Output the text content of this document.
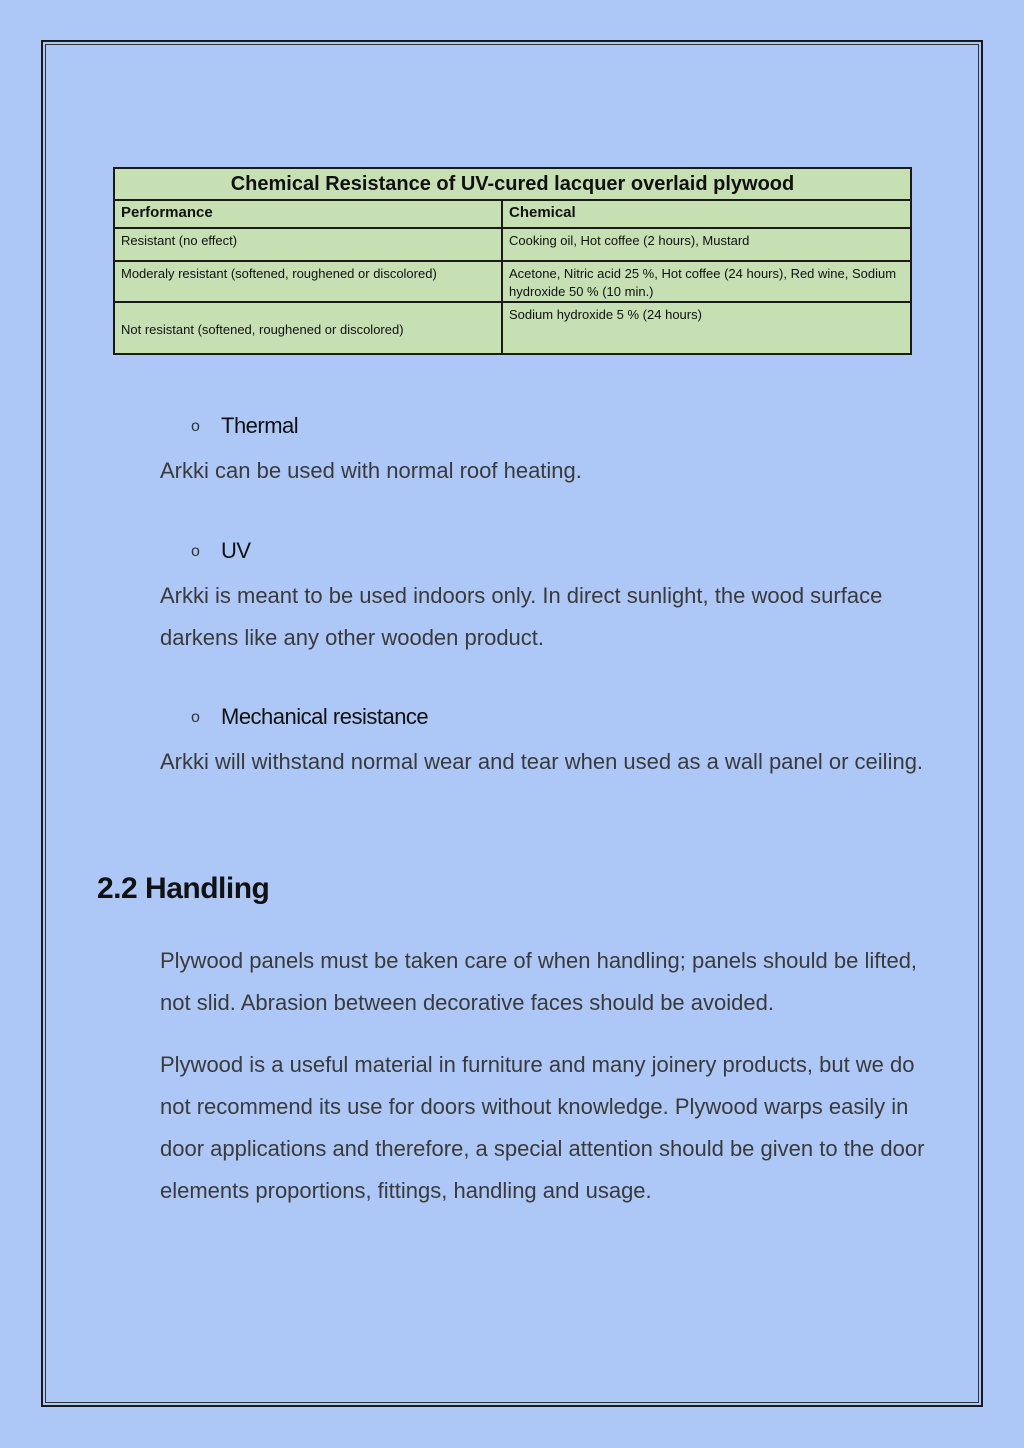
Chemical Resistance of UV-cured lacquer overlaid plywood	
Performance	Chemical
Resistant (no effect)	Cooking oil, Hot coffee (2 hours), Mustard
Moderaly resistant (softened, roughened or discolored)	Acetone, Nitric acid 25 %, Hot coffee (24 hours), Red wine, Sodium hydroxide 50 % (10 min.)
Not resistant (softened, roughened or discolored)	Sodium hydroxide 5 % (24 hours)
o Thermal

Arkki can be used with normal roof heating.

o UV

Arkki is meant to be used indoors only. In direct sunlight, the wood surface darkens like any other wooden product.

o Mechanical resistance

Arkki will withstand normal wear and tear when used as a wall panel or ceiling.

2.2 Handling

Plywood panels must be taken care of when handling; panels should be lifted, not slid. Abrasion between decorative faces should be avoided.

Plywood is a useful material in furniture and many joinery products, but we do not recommend its use for doors without knowledge. Plywood warps easily in door applications and therefore, a special attention should be given to the door elements proportions, fittings, handling and usage.
